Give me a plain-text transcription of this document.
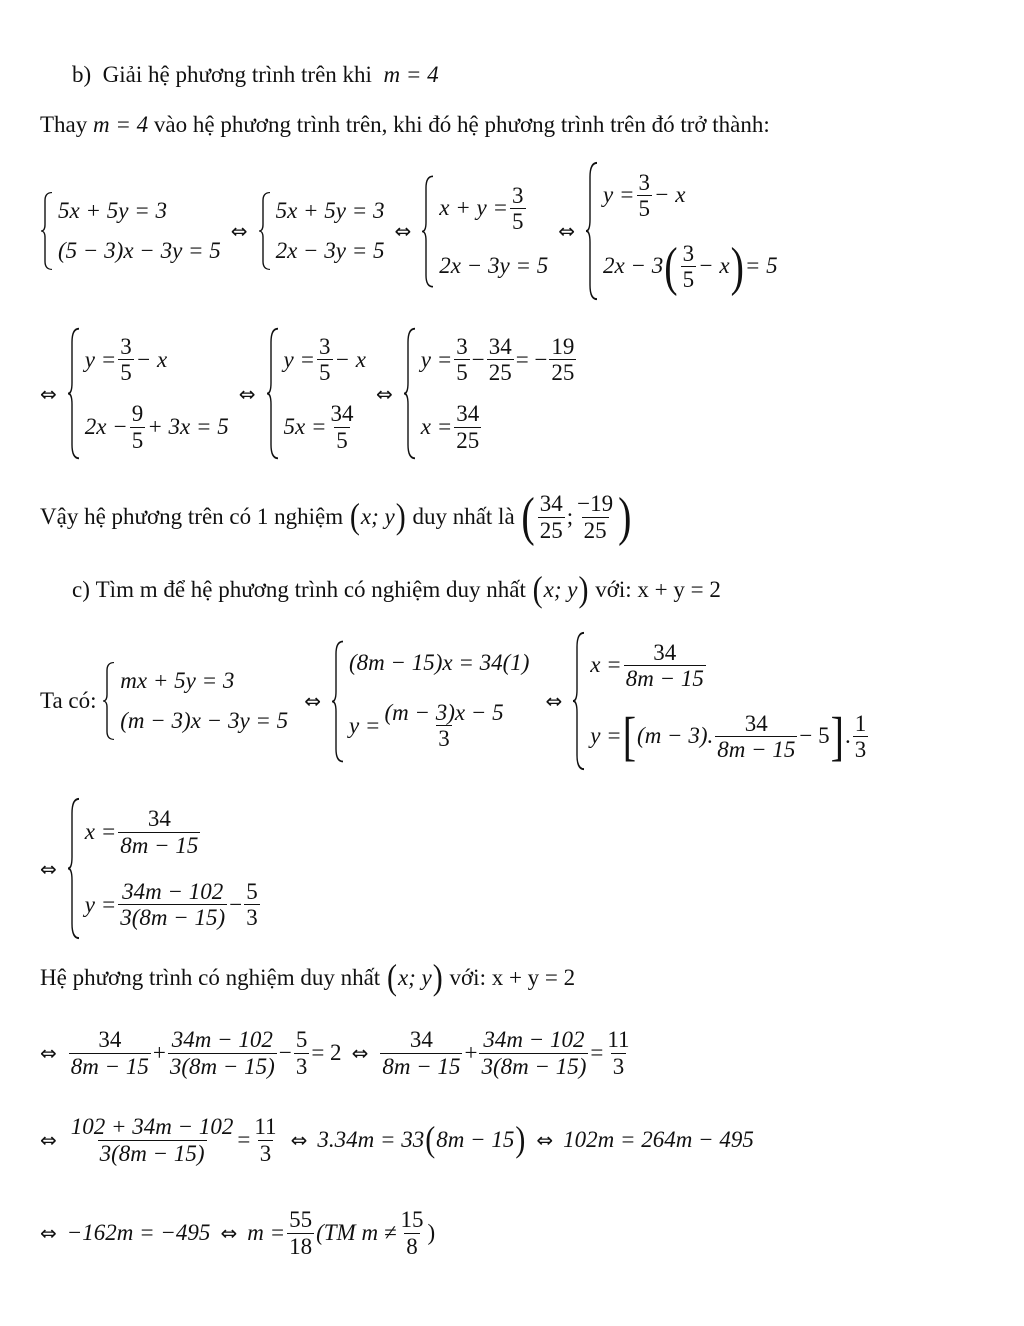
b) Giải hệ phương trình trên khi m = 4
Thay m = 4 vào hệ phương trình trên, khi đó hệ phương trình trên đó trở thành:
5x + 5y = 3
(5 − 3)x − 3y = 5
⇔
5x + 5y = 3
2x − 3y = 5
⇔
$x + y = \frac{3}{5}$
2x − 3y = 5
⇔
$y = \frac{3}{5} - x$
2x − 3 ( $\frac{3}{5} - x$ ) = 5
⇔
$y = \frac{3}{5} - x$
$2x - \frac{9}{5} + 3x = 5$
⇔
$y = \frac{3}{5} - x$
$5x = \frac{34}{5}$
⇔
$y = \frac{3}{5} - \frac{34}{25}$ = − $\frac{19}{25}$
$x = \frac{34}{25}$
Vậy hệ phương trên có 1 nghiệm
( x; y )
duy nhất là
( $\frac{34}{25}$ ; $\frac{-19}{25}$ )
c)
Tìm m để hệ phương trình có nghiệm duy nhất
( x; y )
với: x + y = 2
Ta có:

mx + 5y = 3
(m − 3)x − 3y = 5
⇔
(8m − 15)x = 34(1)
$y = \frac{(m - 3)x - 5}{3}$ ⇔
$x = \frac{34}{8m - 15}$
y = [ (m − 3). $\frac{34}{8m - 15} - 5$ ] . $\frac{1}{3}$
⇔
$x = \frac{34}{8m - 15}$
$y = \frac{34m - 102}{3(8m - 15)} - \frac{5}{3}$
Hệ phương trình có nghiệm duy nhất
( x; y )
với: x + y = 2
⇔ $\frac{34}{8m - 15} + \frac{34m - 102}{3(8m - 15)} - \frac{5}{3} = 2$ ⇔ $\frac{34}{8m - 15} + \frac{34m - 102}{3(8m - 15)} = \frac{11}{3}$
⇔ $\frac{102 + 34m - 102}{3(8m - 15)} = \frac{11}{3}$ ⇔ 3.34m = 33 ( 8m − 15 ) ⇔ 102m = 264m − 495
⇔ −162m = −495 ⇔ $m = \frac{55}{18} (TM$ $m \ne \frac{15}{8}$ )
